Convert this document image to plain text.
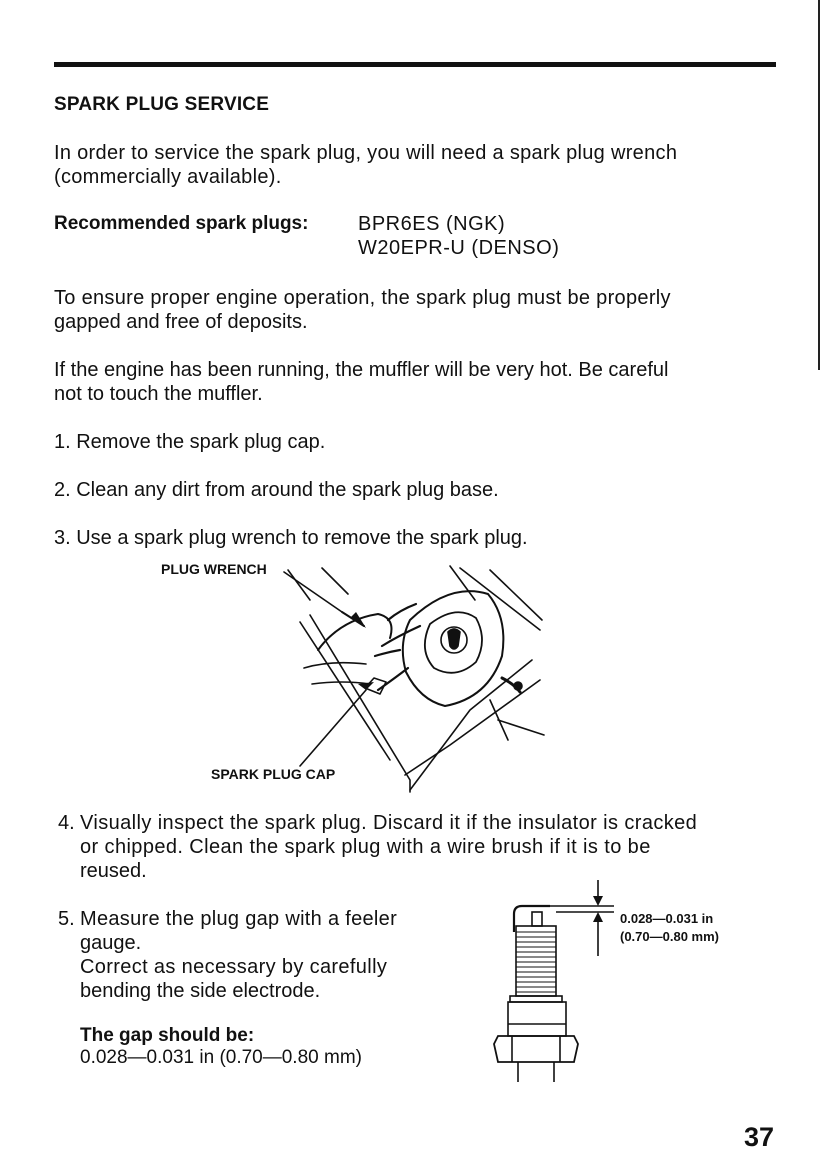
SPARK PLUG SERVICE
In order to service the spark plug, you will need a spark plug wrench
(commercially available).
Recommended spark plugs: BPR6ES (NGK)
W20EPR-U (DENSO)
To ensure proper engine operation, the spark plug must be properly
gapped and free of deposits.
If the engine has been running, the muffler will be very hot. Be careful
not to touch the muffler.
1. Remove the spark plug cap.
2. Clean any dirt from around the spark plug base.
3. Use a spark plug wrench to remove the spark plug.
PLUG WRENCH
SPARK PLUG CAP
4. Visually inspect the spark plug. Discard it if the insulator is cracked
or chipped. Clean the spark plug with a wire brush if it is to be
reused.
5. Measure the plug gap with a feeler
gauge.
Correct as necessary by carefully
bending the side electrode.
The gap should be:
0.028—0.031 in (0.70—0.80 mm)
0.028—0.031 in
(0.70—0.80 mm)
37
